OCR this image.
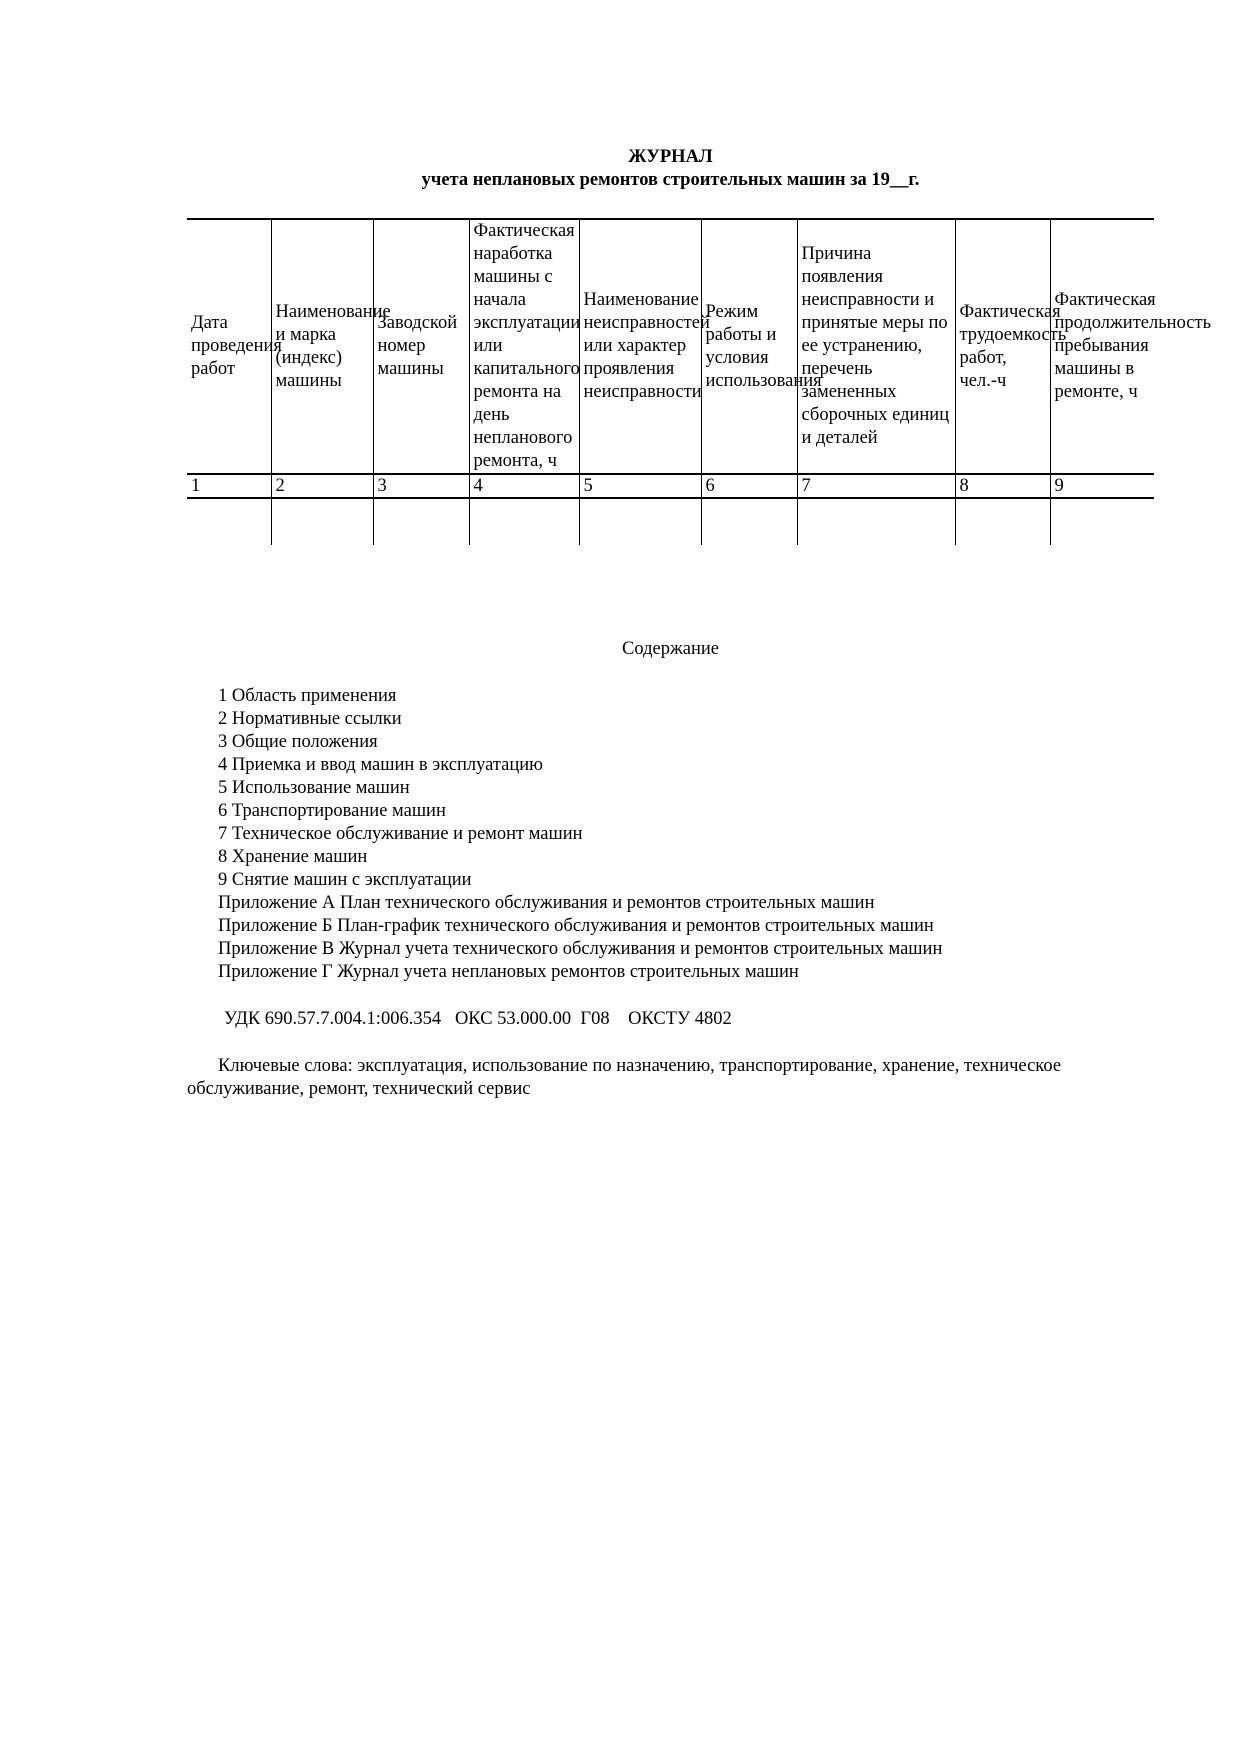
ЖУРНАЛ
учета неплановых ремонтов строительных машин за 19__г.
Дата проведения работ	Наименование и марка (индекс) машины	Заводской номер машины	Фактическая наработка машины с начала эксплуатации или капитального ремонта на день непланового ремонта, ч	Наименование неисправностей или характер проявления неисправности	Режим работы и условия использования	Причина появления неисправности и принятые меры по ее устранению, перечень замененных сборочных единиц и деталей	Фактическая трудоемкость работ, чел.-ч	Фактическая продолжительность пребывания машины в ремонте, ч

1	2	3	4	5	6	7	8	9

Содержание
1 Область применения
2 Нормативные ссылки
3 Общие положения
4 Приемка и ввод машин в эксплуатацию
5 Использование машин
6 Транспортирование машин
7 Техническое обслуживание и ремонт машин
8 Хранение машин
9 Снятие машин с эксплуатации
Приложение А План технического обслуживания и ремонтов строительных машин
Приложение Б План-график технического обслуживания и ремонтов строительных машин
Приложение В Журнал учета технического обслуживания и ремонтов строительных машин
Приложение Г Журнал учета неплановых ремонтов строительных машин
УДК 690.57.7.004.1:006.354   ОКС 53.000.00  Г08    ОКСТУ 4802

Ключевые слова: эксплуатация, использование по назначению, транспортирование, хранение, техническое обслуживание, ремонт, технический сервис
